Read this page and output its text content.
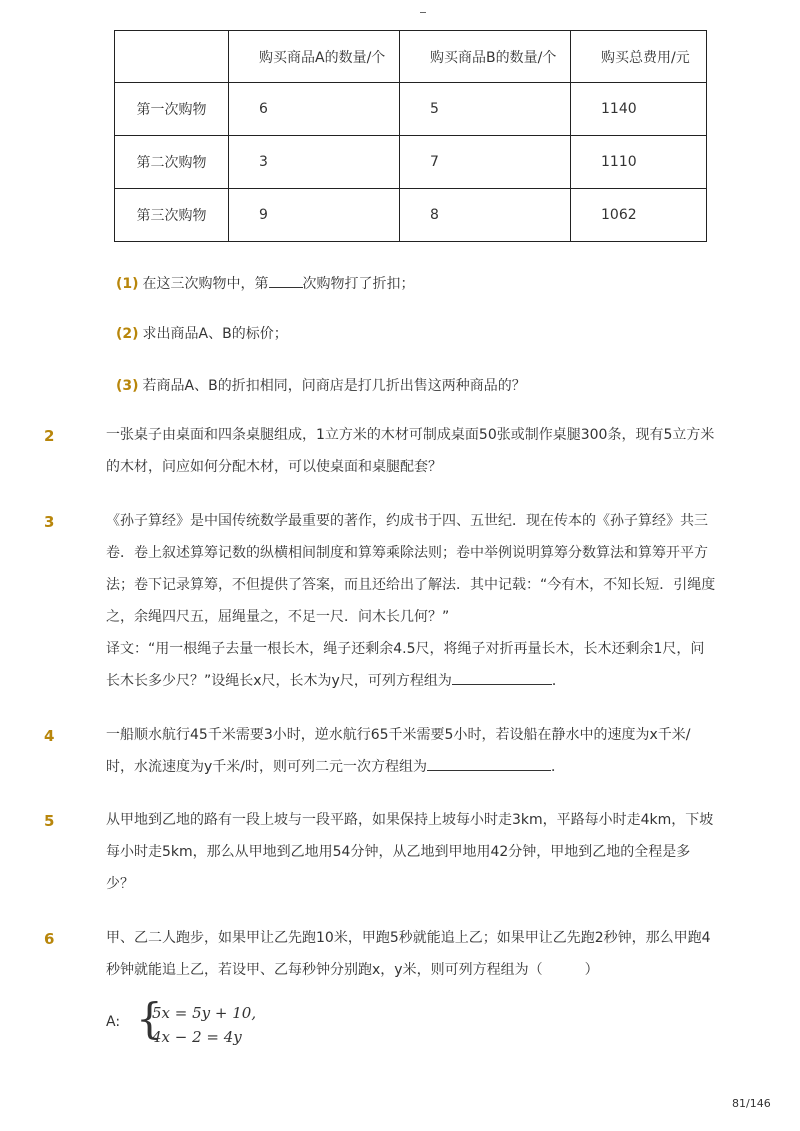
	购买商品A的数量/个	购买商品B的数量/个	购买总费用/元
第一次购物	6	5	1140
第二次购物	3	7	1110
第三次购物	9	8	1062
(1) 在这三次购物中，第 次购物打了折扣；
(2) 求出商品A、B的标价；
(3) 若商品A、B的折扣相同，问商店是打几折出售这两种商品的？
2	一张桌子由桌面和四条桌腿组成，1立方米的木材可制成桌面50张或制作桌腿300条，现有5立方米的木材，问应如何分配木材，可以使桌面和桌腿配套？
3	《孙子算经》是中国传统数学最重要的著作，约成书于四、五世纪．现在传本的《孙子算经》共三卷．卷上叙述算筹记数的纵横相间制度和算筹乘除法则；卷中举例说明算筹分数算法和算筹开平方法；卷下记录算筹，不但提供了答案，而且还给出了解法．其中记载：“今有木，不知长短．引绳度之，余绳四尺五，屈绳量之，不足一尺．问木长几何？”
译文：“用一根绳子去量一根长木，绳子还剩余4.5尺，将绳子对折再量长木，长木还剩余1尺，问长木长多少尺？”设绳长x尺，长木为y尺，可列方程组为	．
4	一船顺水航行45千米需要3小时，逆水航行65千米需要5小时，若设船在静水中的速度为x千米/时，水流速度为y千米/时，则可列二元一次方程组为	．
5	从甲地到乙地的路有一段上坡与一段平路，如果保持上坡每小时走3km，平路每小时走4km，下坡每小时走5km，那么从甲地到乙地用54分钟，从乙地到甲地用42分钟，甲地到乙地的全程是多少？
6	甲、乙二人跑步，如果甲让乙先跑10米，甲跑5秒就能追上乙；如果甲让乙先跑2秒钟，那么甲跑4秒钟就能追上乙，若设甲、乙每秒钟分别跑x，y米，则可列方程组为（　　　）
A: {
5x = 5y + 10,
4x − 2 = 4y
81/146
